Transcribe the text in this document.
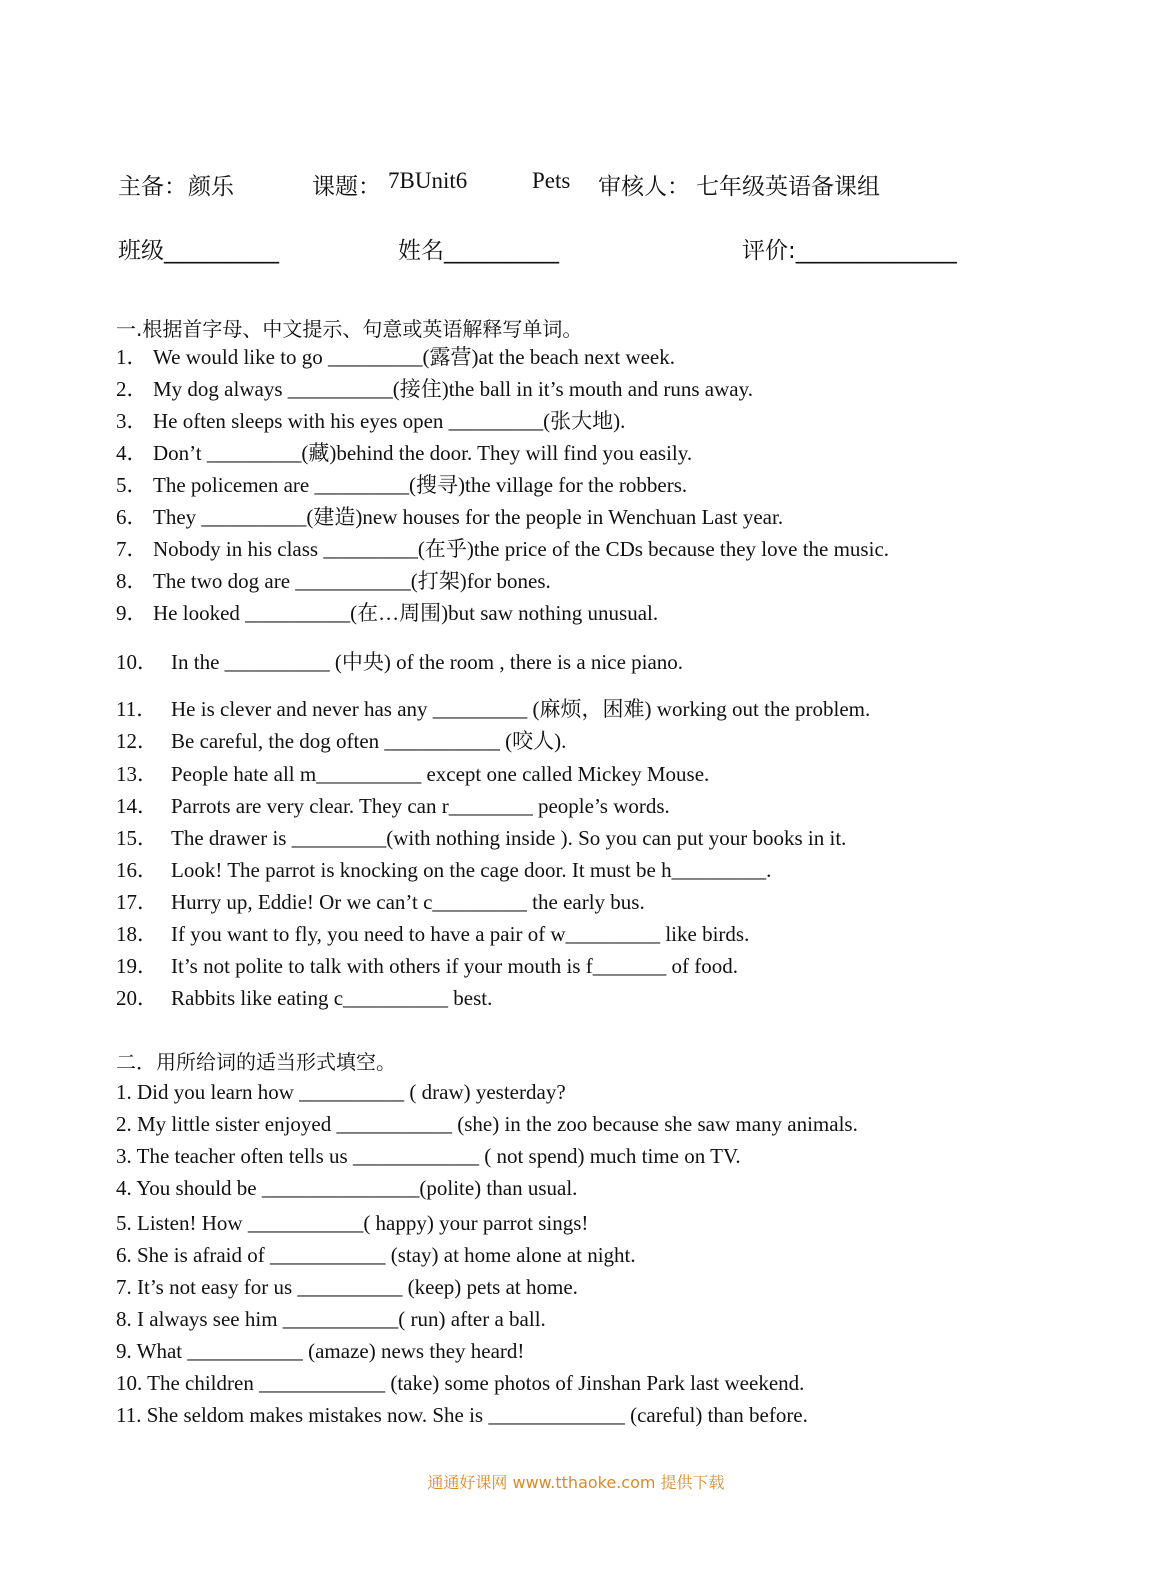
主备： 颜乐	课题： 7BUnit6	Pets 审核人： 七年级英语备课组
班级__________	姓名__________	评价:______________
一.根据首字母、中文提示、句意或英语解释写单词。
1． We would like to go _________(露营)at the beach next week.
2． My dog always __________(接住)the ball in it’s mouth and runs away.
3． He often sleeps with his eyes open _________(张大地).
4． Don’t _________(藏)behind the door. They will find you easily.
5． The policemen are _________(搜寻)the village for the robbers.
6． They __________(建造)new houses for the people in Wenchuan Last year.
7． Nobody in his class _________(在乎)the price of the CDs because they love the music.
8． The two dog are ___________(打架)for bones.
9． He looked __________(在…周围)but saw nothing unusual.
10． In the __________ (中央) of the room , there is a nice piano.
11． He is clever and never has any _________ (麻烦，困难) working out the problem.
12． Be careful, the dog often ___________ (咬人).
13． People hate all m__________ except one called Mickey Mouse.
14． Parrots are very clear. They can r________ people’s words.
15． The drawer is _________(with nothing inside ). So you can put your books in it.
16． Look! The parrot is knocking on the cage door. It must be h_________.
17． Hurry up, Eddie! Or we can’t c_________ the early bus.
18． If you want to fly, you need to have a pair of w_________ like birds.
19． It’s not polite to talk with others if your mouth is f_______ of food.
20． Rabbits like eating c__________ best.
二．用所给词的适当形式填空。
1. Did you learn how __________ ( draw) yesterday?
2. My little sister enjoyed ___________ (she) in the zoo because she saw many animals.
3. The teacher often tells us ____________ ( not spend) much time on TV.
4. You should be _______________(polite) than usual.
5. Listen! How ___________( happy) your parrot sings!
6. She is afraid of ___________ (stay) at home alone at night.
7. It’s not easy for us __________ (keep) pets at home.
8. I always see him ___________( run) after a ball.
9. What ___________ (amaze) news they heard!
10. The children ____________ (take) some photos of Jinshan Park last weekend.
11. She seldom makes mistakes now. She is _____________ (careful) than before.
通通好课网 www.tthaoke.com 提供下载
